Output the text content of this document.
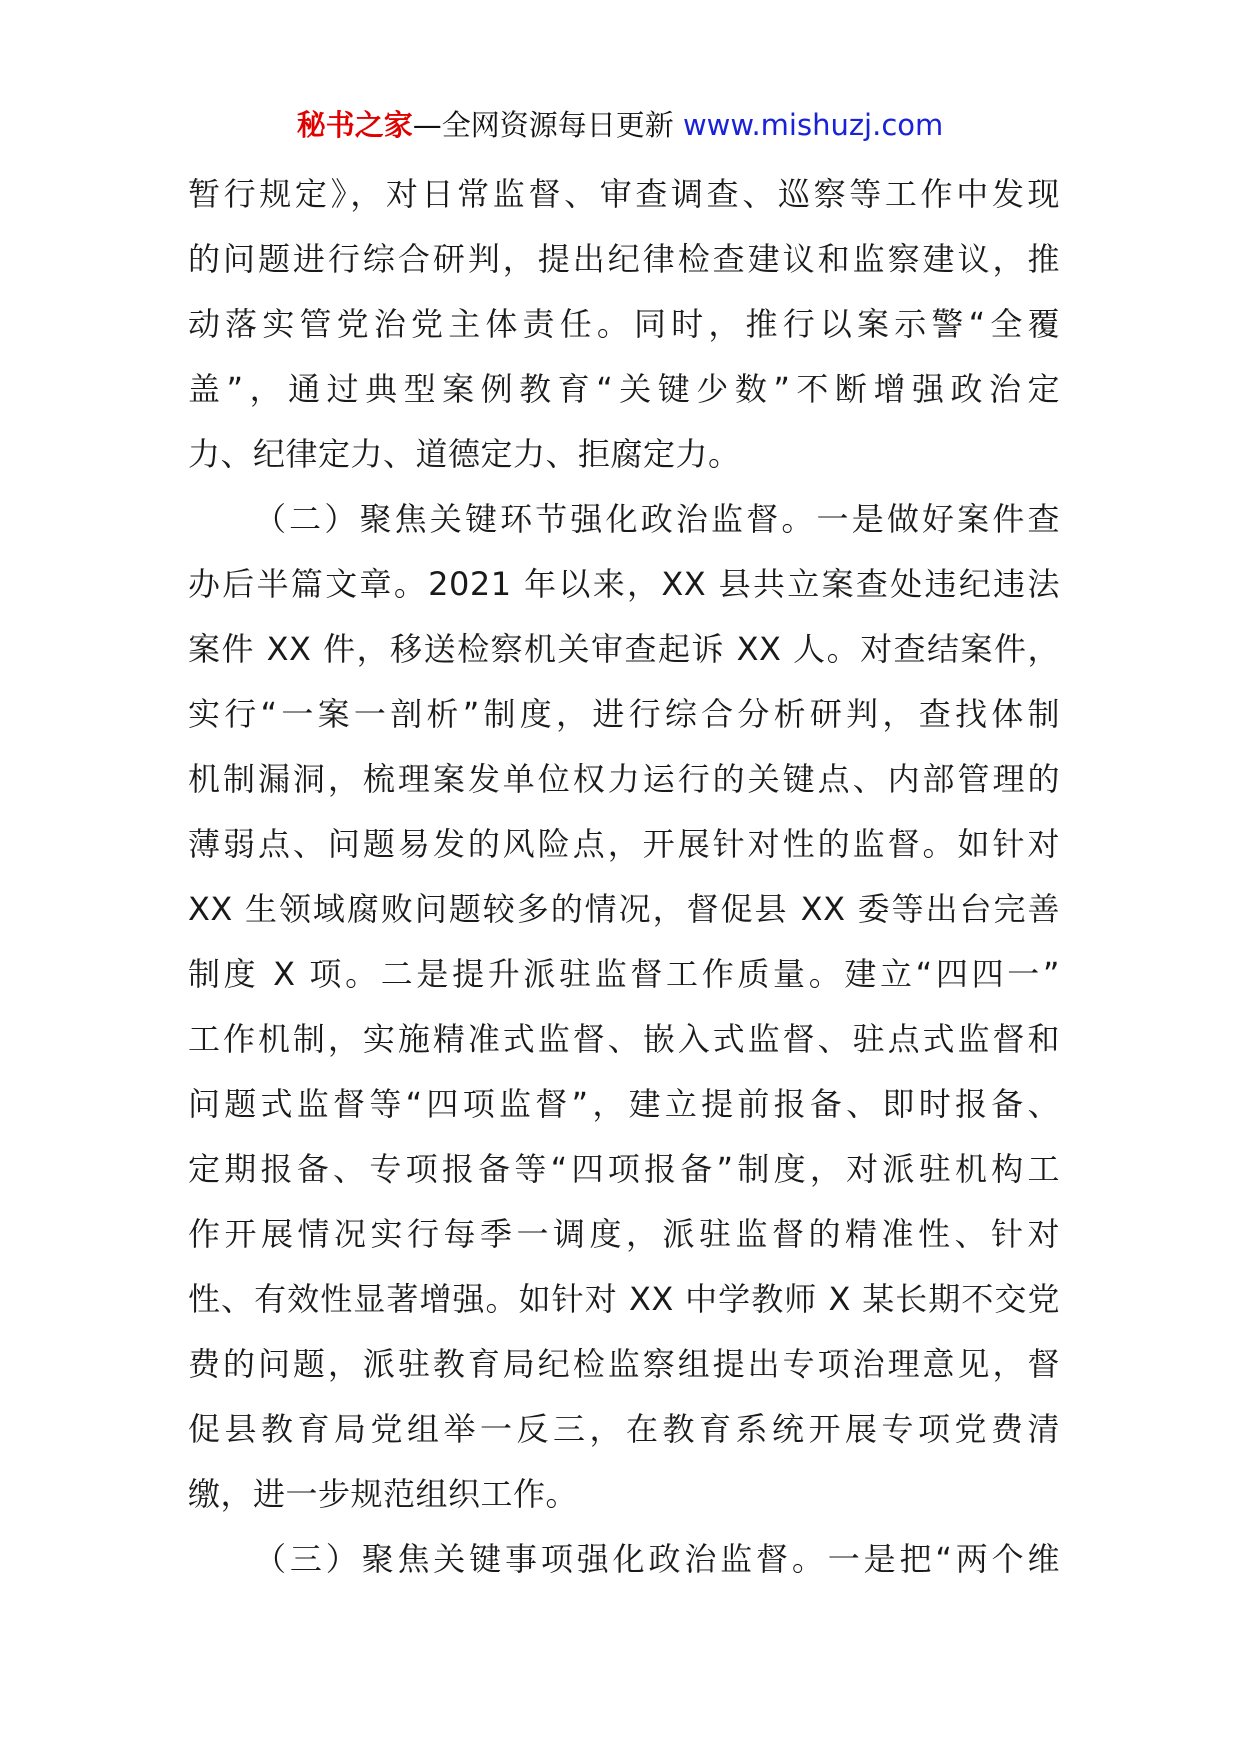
秘书之家—全网资源每日更新 www.mishuzj.com
暂行规定》，对日常监督、审查调查、巡察等工作中发现
的问题进行综合研判，提出纪律检查建议和监察建议，推
动落实管党治党主体责任。同时，推行以案示警“全覆
盖”，通过典型案例教育“关键少数”不断增强政治定
力、纪律定力、道德定力、拒腐定力。
（二）聚焦关键环节强化政治监督。一是做好案件查
办后半篇文章。2021 年以来，XX 县共立案查处违纪违法
案件 XX 件，移送检察机关审查起诉 XX 人。对查结案件，
实行“一案一剖析”制度，进行综合分析研判，查找体制
机制漏洞，梳理案发单位权力运行的关键点、内部管理的
薄弱点、问题易发的风险点，开展针对性的监督。如针对
XX 生领域腐败问题较多的情况，督促县 XX 委等出台完善
制度 X 项。二是提升派驻监督工作质量。建立“四四一”
工作机制，实施精准式监督、嵌入式监督、驻点式监督和
问题式监督等“四项监督”，建立提前报备、即时报备、
定期报备、专项报备等“四项报备”制度，对派驻机构工
作开展情况实行每季一调度，派驻监督的精准性、针对
性、有效性显著增强。如针对 XX 中学教师 X 某长期不交党
费的问题，派驻教育局纪检监察组提出专项治理意见，督
促县教育局党组举一反三，在教育系统开展专项党费清
缴，进一步规范组织工作。
（三）聚焦关键事项强化政治监督。一是把“两个维
